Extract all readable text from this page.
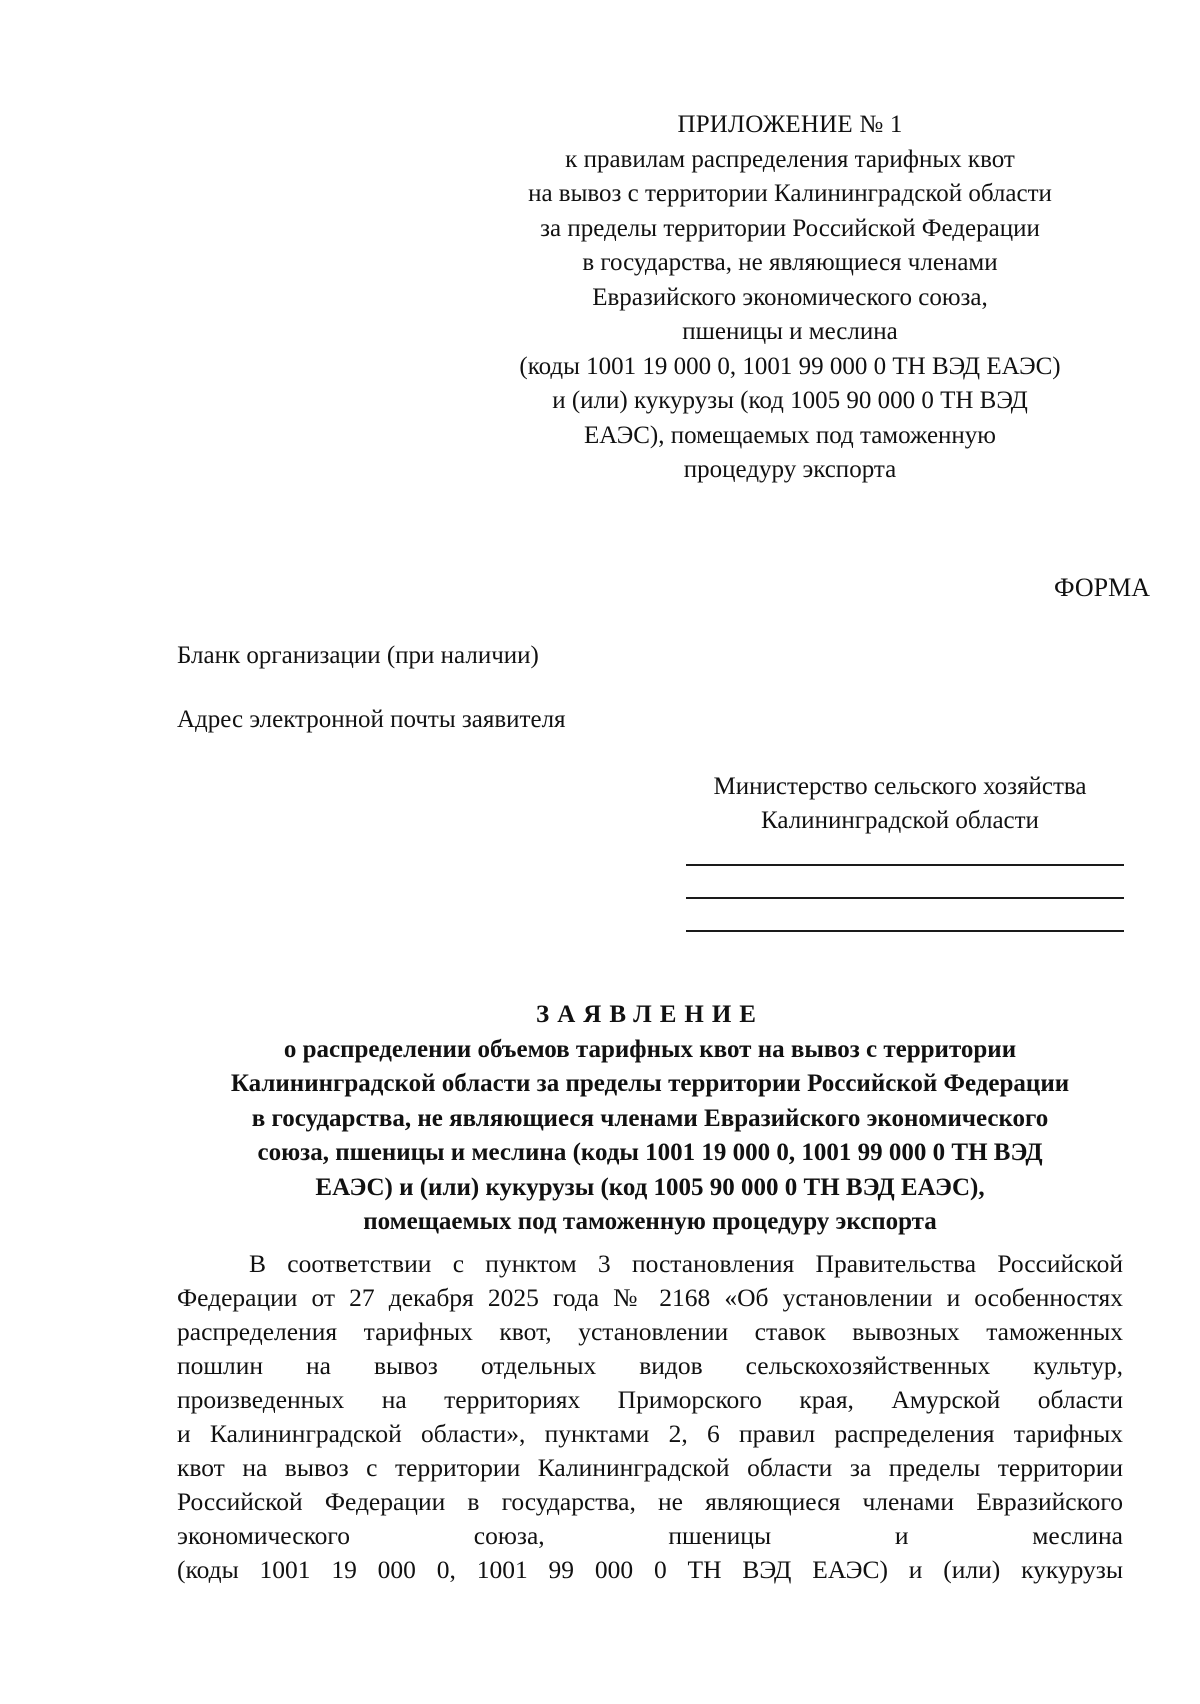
ПРИЛОЖЕНИЕ № 1
к правилам распределения тарифных квот
на вывоз с территории Калининградской области
за пределы территории Российской Федерации
в государства, не являющиеся членами
Евразийского экономического союза,
пшеницы и меслина
(коды 1001 19 000 0, 1001 99 000 0 ТН ВЭД ЕАЭС)
и (или) кукурузы (код 1005 90 000 0 ТН ВЭД
ЕАЭС), помещаемых под таможенную
процедуру экспорта
ФОРМА
Бланк организации (при наличии)
Адрес электронной почты заявителя
Министерство сельского хозяйства
Калининградской области
ЗАЯВЛЕНИЕ
о распределении объемов тарифных квот на вывоз с территории
Калининградской области за пределы территории Российской Федерации
в государства, не являющиеся членами Евразийского экономического
союза, пшеницы и меслина (коды 1001 19 000 0, 1001 99 000 0 ТН ВЭД
ЕАЭС) и (или) кукурузы (код 1005 90 000 0 ТН ВЭД ЕАЭС),
помещаемых под таможенную процедуру экспорта
В соответствии с пунктом 3 постановления Правительства Российской
Федерации от 27 декабря 2025 года № 2168 «Об установлении и особенностях
распределения тарифных квот, установлении ставок вывозных таможенных
пошлин на вывоз отдельных видов сельскохозяйственных культур,
произведенных на территориях Приморского края, Амурской области
и Калининградской области», пунктами 2, 6 правил распределения тарифных
квот на вывоз с территории Калининградской области за пределы территории
Российской Федерации в государства, не являющиеся членами Евразийского
экономического союза, пшеницы и меслина
(коды 1001 19 000 0, 1001 99 000 0 ТН ВЭД ЕАЭС) и (или) кукурузы
